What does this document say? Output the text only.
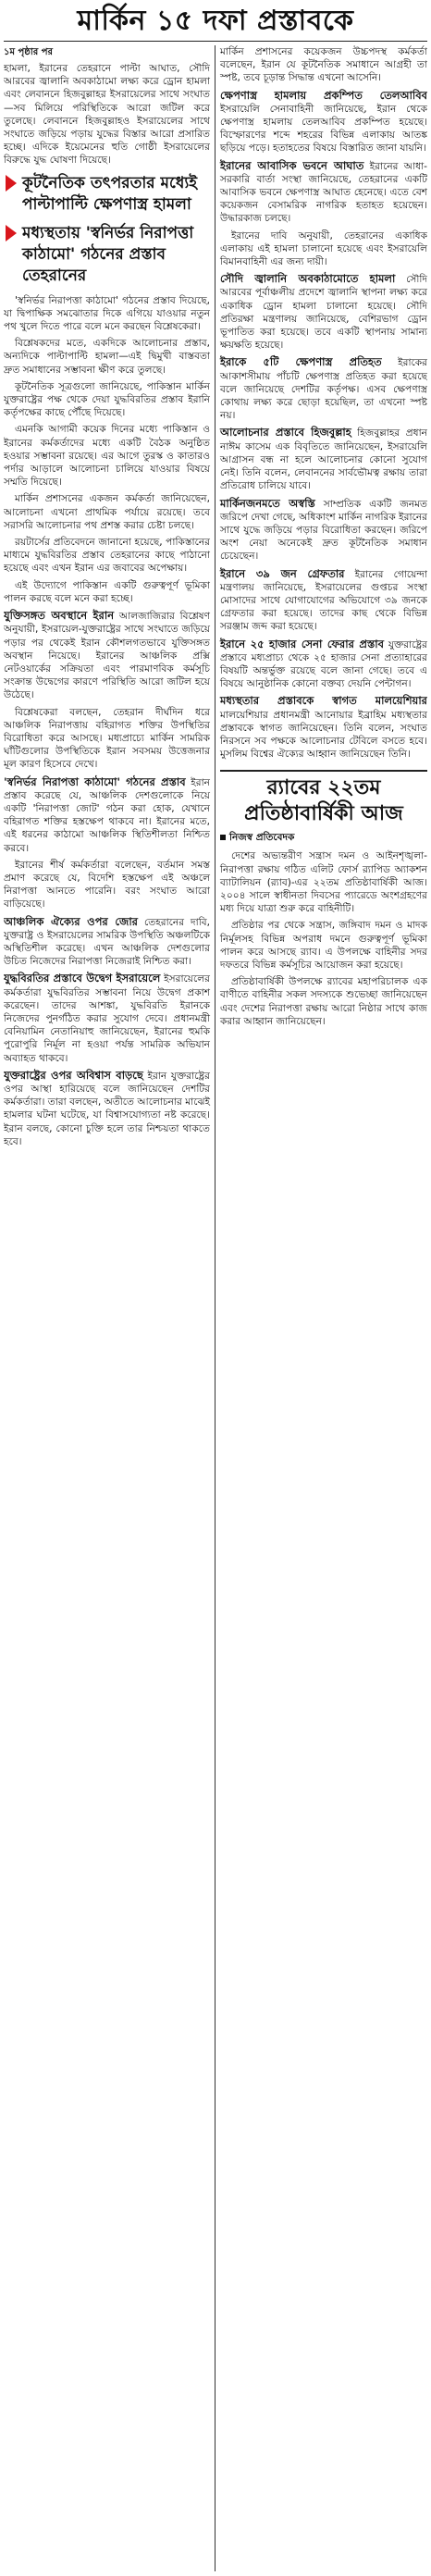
মার্কিন ১৫ দফা প্রস্তাবকে
১ম পৃষ্ঠার পর

হামলা, ইরানের তেহরানে পাল্টা আঘাত, সৌদি আরবের জ্বালানি অবকাঠামো লক্ষ্য করে ড্রোন হামলা এবং লেবাননে হিজবুল্লাহর ইসরায়েলের সাথে সংঘাত—সব মিলিয়ে পরিস্থিতিকে আরো জটিল করে তুলেছে। লেবাননে হিজবুল্লাহও ইসরায়েলের সাথে সংঘাতে জড়িয়ে পড়ায় যুদ্ধের বিস্তার আরো প্রসারিত হচ্ছে। এদিকে ইয়েমেনের হুতি গোষ্ঠী ইসরায়েলের বিরুদ্ধে যুদ্ধ ঘোষণা দিয়েছে।

কূটনৈতিক তৎপরতার মধ্যেই পাল্টাপাল্টি ক্ষেপণাস্ত্র হামলা
মধ্যস্থতায় 'স্বনির্ভর নিরাপত্তা কাঠামো' গঠনের প্রস্তাব তেহরানের

'স্বনির্ভর নিরাপত্তা কাঠামো' গঠনের প্রস্তাব দিয়েছে, যা দ্বিপাক্ষিক সমঝোতার দিকে এগিয়ে যাওয়ার নতুন পথ খুলে দিতে পারে বলে মনে করছেন বিশ্লেষকেরা।

বিশ্লেষকদের মতে, একদিকে আলোচনার প্রস্তাব, অন্যদিকে পাল্টাপাল্টি হামলা—এই দ্বিমুখী বাস্তবতা দ্রুত সমাধানের সম্ভাবনা ক্ষীণ করে তুলছে।

কূটনৈতিক সূত্রগুলো জানিয়েছে, পাকিস্তান মার্কিন যুক্তরাষ্ট্রের পক্ষ থেকে দেয়া যুদ্ধবিরতির প্রস্তাব ইরানি কর্তৃপক্ষের কাছে পৌঁছে দিয়েছে।

এমনকি আগামী কয়েক দিনের মধ্যে পাকিস্তান ও ইরানের কর্মকর্তাদের মধ্যে একটি বৈঠক অনুষ্ঠিত হওয়ার সম্ভাবনা রয়েছে। এর আগে তুরস্ক ও কাতারও পর্দার আড়ালে আলোচনা চালিয়ে যাওয়ার বিষয়ে সম্মতি দিয়েছে।

মার্কিন প্রশাসনের একজন কর্মকর্তা জানিয়েছেন, আলোচনা এখনো প্রাথমিক পর্যায়ে রয়েছে। তবে সরাসরি আলোচনার পথ প্রশস্ত করার চেষ্টা চলছে।

রয়টার্সের প্রতিবেদনে জানানো হয়েছে, পাকিস্তানের মাধ্যমে যুদ্ধবিরতির প্রস্তাব তেহরানের কাছে পাঠানো হয়েছে এবং এখন ইরান এর জবাবের অপেক্ষায়।

এই উদ্যোগে পাকিস্তান একটি গুরুত্বপূর্ণ ভূমিকা পালন করছে বলে মনে করা হচ্ছে।

যুক্তিসঙ্গত অবস্থানে ইরান আলজাজিরার বিশ্লেষণ অনুযায়ী, ইসরায়েল-যুক্তরাষ্ট্রের সাথে সংঘাতে জড়িয়ে পড়ার পর থেকেই ইরান কৌশলগতভাবে যুক্তিসঙ্গত অবস্থান নিয়েছে। ইরানের আঞ্চলিক প্রক্সি নেটওয়ার্কের সক্রিয়তা এবং পারমাণবিক কর্মসূচি সংক্রান্ত উদ্বেগের কারণে পরিস্থিতি আরো জটিল হয়ে উঠেছে।

বিশ্লেষকেরা বলছেন, তেহরান দীর্ঘদিন ধরে আঞ্চলিক নিরাপত্তায় বহিরাগত শক্তির উপস্থিতির বিরোধিতা করে আসছে। মধ্যপ্রাচ্যে মার্কিন সামরিক ঘাঁটিগুলোর উপস্থিতিকে ইরান সবসময় উত্তেজনার মূল কারণ হিসেবে দেখে।

'স্বনির্ভর নিরাপত্তা কাঠামো' গঠনের প্রস্তাব ইরান প্রস্তাব করেছে যে, আঞ্চলিক দেশগুলোকে নিয়ে একটি 'নিরাপত্তা জোট' গঠন করা হোক, যেখানে বহিরাগত শক্তির হস্তক্ষেপ থাকবে না। ইরানের মতে, এই ধরনের কাঠামো আঞ্চলিক স্থিতিশীলতা নিশ্চিত করবে।

ইরানের শীর্ষ কর্মকর্তারা বলেছেন, বর্তমান সমস্ত প্রমাণ করেছে যে, বিদেশি হস্তক্ষেপ এই অঞ্চলে নিরাপত্তা আনতে পারেনি। বরং সংঘাত আরো বাড়িয়েছে।

আঞ্চলিক ঐক্যের ওপর জোর তেহরানের দাবি, যুক্তরাষ্ট্র ও ইসরায়েলের সামরিক উপস্থিতি অঞ্চলটিকে অস্থিতিশীল করেছে। এখন আঞ্চলিক দেশগুলোর উচিত নিজেদের নিরাপত্তা নিজেরাই নিশ্চিত করা।

যুদ্ধবিরতির প্রস্তাবে উদ্বেগ ইসরায়েলে ইসরায়েলের কর্মকর্তারা যুদ্ধবিরতির সম্ভাবনা নিয়ে উদ্বেগ প্রকাশ করেছেন। তাদের আশঙ্কা, যুদ্ধবিরতি ইরানকে নিজেদের পুনর্গঠিত করার সুযোগ দেবে। প্রধানমন্ত্রী বেনিয়ামিন নেতানিয়াহু জানিয়েছেন, ইরানের হুমকি পুরোপুরি নির্মূল না হওয়া পর্যন্ত সামরিক অভিযান অব্যাহত থাকবে।

যুক্তরাষ্ট্রের ওপর অবিশ্বাস বাড়ছে ইরান যুক্তরাষ্ট্রের ওপর আস্থা হারিয়েছে বলে জানিয়েছেন দেশটির কর্মকর্তারা। তারা বলছেন, অতীতে আলোচনার মাঝেই হামলার ঘটনা ঘটেছে, যা বিশ্বাসযোগ্যতা নষ্ট করেছে। ইরান বলছে, কোনো চুক্তি হলে তার নিশ্চয়তা থাকতে হবে।

মার্কিন প্রশাসনের কয়েকজন উচ্চপদস্থ কর্মকর্তা বলেছেন, ইরান যে কূটনৈতিক সমাধানে আগ্রহী তা স্পষ্ট, তবে চূড়ান্ত সিদ্ধান্ত এখনো আসেনি।

ক্ষেপণাস্ত্র হামলায় প্রকম্পিত তেলআবিব ইসরায়েলি সেনাবাহিনী জানিয়েছে, ইরান থেকে ক্ষেপণাস্ত্র হামলায় তেলআবিব প্রকম্পিত হয়েছে। বিস্ফোরণের শব্দে শহরের বিভিন্ন এলাকায় আতঙ্ক ছড়িয়ে পড়ে। হতাহতের বিষয়ে বিস্তারিত জানা যায়নি।

ইরানের আবাসিক ভবনে আঘাত ইরানের আধা-সরকারি বার্তা সংস্থা জানিয়েছে, তেহরানের একটি আবাসিক ভবনে ক্ষেপণাস্ত্র আঘাত হেনেছে। এতে বেশ কয়েকজন বেসামরিক নাগরিক হতাহত হয়েছেন। উদ্ধারকাজ চলছে।

ইরানের দাবি অনুযায়ী, তেহরানের একাধিক এলাকায় এই হামলা চালানো হয়েছে এবং ইসরায়েলি বিমানবাহিনী এর জন্য দায়ী।

সৌদি জ্বালানি অবকাঠামোতে হামলা সৌদি আরবের পূর্বাঞ্চলীয় প্রদেশে জ্বালানি স্থাপনা লক্ষ্য করে একাধিক ড্রোন হামলা চালানো হয়েছে। সৌদি প্রতিরক্ষা মন্ত্রণালয় জানিয়েছে, বেশিরভাগ ড্রোন ভূপাতিত করা হয়েছে। তবে একটি স্থাপনায় সামান্য ক্ষয়ক্ষতি হয়েছে।

ইরাকে ৫টি ক্ষেপণাস্ত্র প্রতিহত ইরাকের আকাশসীমায় পাঁচটি ক্ষেপণাস্ত্র প্রতিহত করা হয়েছে বলে জানিয়েছে দেশটির কর্তৃপক্ষ। এসব ক্ষেপণাস্ত্র কোথায় লক্ষ্য করে ছোড়া হয়েছিল, তা এখনো স্পষ্ট নয়।

আলোচনার প্রস্তাবে হিজবুল্লাহ হিজবুল্লাহর প্রধান নাঈম কাসেম এক বিবৃতিতে জানিয়েছেন, ইসরায়েলি আগ্রাসন বন্ধ না হলে আলোচনার কোনো সুযোগ নেই। তিনি বলেন, লেবাননের সার্বভৌমত্ব রক্ষায় তারা প্রতিরোধ চালিয়ে যাবে।

মার্কিনজনমতে অস্বস্তি সাম্প্রতিক একটি জনমত জরিপে দেখা গেছে, অধিকাংশ মার্কিন নাগরিক ইরানের সাথে যুদ্ধে জড়িয়ে পড়ার বিরোধিতা করছেন। জরিপে অংশ নেয়া অনেকেই দ্রুত কূটনৈতিক সমাধান চেয়েছেন।

ইরানে ৩৯ জন গ্রেফতার ইরানের গোয়েন্দা মন্ত্রণালয় জানিয়েছে, ইসরায়েলের গুপ্তচর সংস্থা মোসাদের সাথে যোগাযোগের অভিযোগে ৩৯ জনকে গ্রেফতার করা হয়েছে। তাদের কাছ থেকে বিভিন্ন সরঞ্জাম জব্দ করা হয়েছে।

ইরানে ২৫ হাজার সেনা ফেরার প্রস্তাব যুক্তরাষ্ট্রের প্রস্তাবে মধ্যপ্রাচ্য থেকে ২৫ হাজার সেনা প্রত্যাহারের বিষয়টি অন্তর্ভুক্ত রয়েছে বলে জানা গেছে। তবে এ বিষয়ে আনুষ্ঠানিক কোনো বক্তব্য দেয়নি পেন্টাগন।

মধ্যস্থতার প্রস্তাবকে স্বাগত মালয়েশিয়ার মালয়েশিয়ার প্রধানমন্ত্রী আনোয়ার ইব্রাহিম মধ্যস্থতার প্রস্তাবকে স্বাগত জানিয়েছেন। তিনি বলেন, সংঘাত নিরসনে সব পক্ষকে আলোচনার টেবিলে বসতে হবে। মুসলিম বিশ্বের ঐক্যের আহ্বান জানিয়েছেন তিনি।

র‍্যাবের ২২তম প্রতিষ্ঠাবার্ষিকী আজ
নিজস্ব প্রতিবেদক

দেশের অভ্যন্তরীণ সন্ত্রাস দমন ও আইনশৃঙ্খলা-নিরাপত্তা রক্ষায় গঠিত এলিট ফোর্স র‍্যাপিড অ্যাকশন ব্যাটালিয়ন (র‍্যাব)-এর ২২তম প্রতিষ্ঠাবার্ষিকী আজ। ২০০৪ সালে স্বাধীনতা দিবসের প্যারেডে অংশগ্রহণের মধ্য দিয়ে যাত্রা শুরু করে বাহিনীটি।

প্রতিষ্ঠার পর থেকে সন্ত্রাস, জঙ্গিবাদ দমন ও মাদক নির্মূলসহ বিভিন্ন অপরাধ দমনে গুরুত্বপূর্ণ ভূমিকা পালন করে আসছে র‍্যাব। এ উপলক্ষে বাহিনীর সদর দফতরে বিভিন্ন কর্মসূচির আয়োজন করা হয়েছে।

প্রতিষ্ঠাবার্ষিকী উপলক্ষে র‍্যাবের মহাপরিচালক এক বাণীতে বাহিনীর সকল সদস্যকে শুভেচ্ছা জানিয়েছেন এবং দেশের নিরাপত্তা রক্ষায় আরো নিষ্ঠার সাথে কাজ করার আহ্বান জানিয়েছেন।
